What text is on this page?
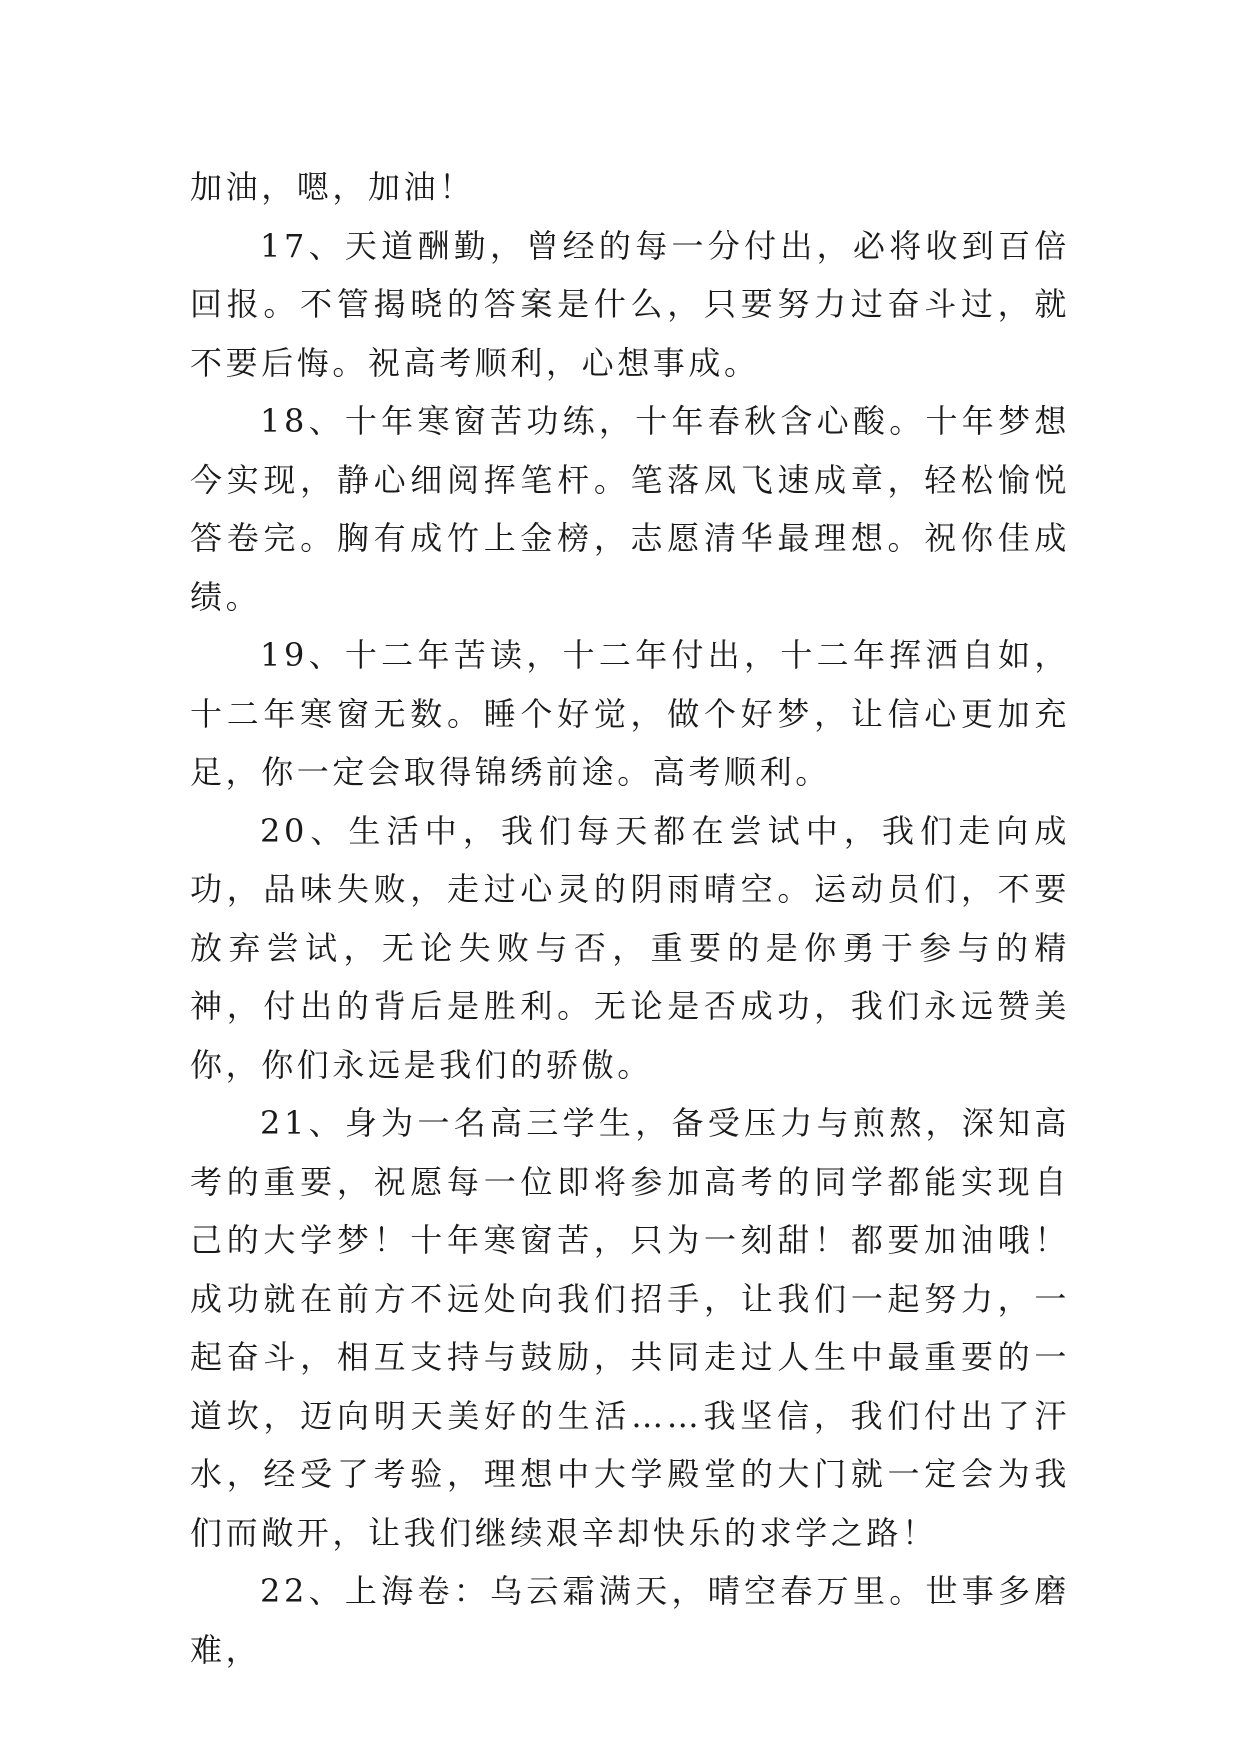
加油，嗯，加油！

17、天道酬勤，曾经的每一分付出，必将收到百倍回报。不管揭晓的答案是什么，只要努力过奋斗过，就不要后悔。祝高考顺利，心想事成。

18、十年寒窗苦功练，十年春秋含心酸。十年梦想今实现，静心细阅挥笔杆。笔落凤飞速成章，轻松愉悦答卷完。胸有成竹上金榜，志愿清华最理想。祝你佳成绩。

19、十二年苦读，十二年付出，十二年挥洒自如，十二年寒窗无数。睡个好觉，做个好梦，让信心更加充足，你一定会取得锦绣前途。高考顺利。

20、生活中，我们每天都在尝试中，我们走向成功，品味失败，走过心灵的阴雨晴空。运动员们，不要放弃尝试，无论失败与否，重要的是你勇于参与的精神，付出的背后是胜利。无论是否成功，我们永远赞美你，你们永远是我们的骄傲。

21、身为一名高三学生，备受压力与煎熬，深知高考的重要，祝愿每一位即将参加高考的同学都能实现自己的大学梦！十年寒窗苦，只为一刻甜！都要加油哦！成功就在前方不远处向我们招手，让我们一起努力，一起奋斗，相互支持与鼓励，共同走过人生中最重要的一道坎，迈向明天美好的生活……我坚信，我们付出了汗水，经受了考验，理想中大学殿堂的大门就一定会为我们而敞开，让我们继续艰辛却快乐的求学之路！

22、上海卷：乌云霜满天，晴空春万里。世事多磨难，
